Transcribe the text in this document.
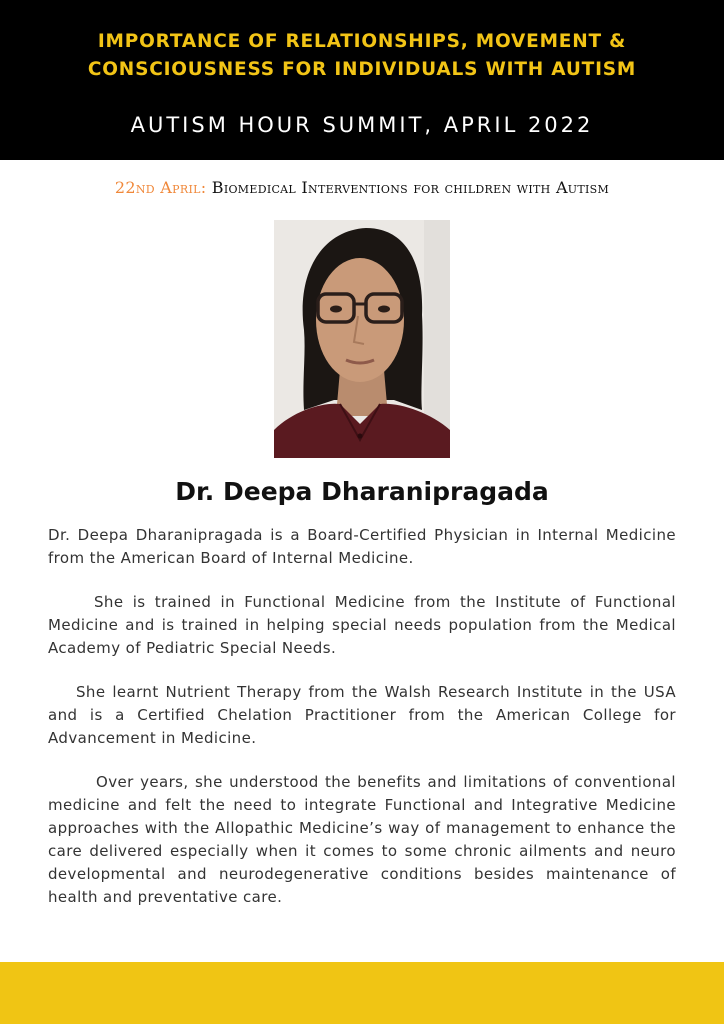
IMPORTANCE OF RELATIONSHIPS, MOVEMENT &
CONSCIOUSNESS FOR INDIVIDUALS WITH AUTISM
AUTISM HOUR SUMMIT, APRIL 2022
22nd April: Biomedical Interventions for children with Autism
Dr. Deepa Dharanipragada

Dr. Deepa Dharanipragada is a Board-Certified Physician in Internal Medicine from the American Board of Internal Medicine.

She is trained in Functional Medicine from the Institute of Functional Medicine and is trained in helping special needs population from the Medical Academy of Pediatric Special Needs.

She learnt Nutrient Therapy from the Walsh Research Institute in the USA and is a Certified Chelation Practitioner from the American College for Advancement in Medicine.

Over years, she understood the benefits and limitations of conventional medicine and felt the need to integrate Functional and Integrative Medicine approaches with the Allopathic Medicine’s way of management to enhance the care delivered especially when it comes to some chronic ailments and neuro developmental and neurodegenerative conditions besides maintenance of health and preventative care.
